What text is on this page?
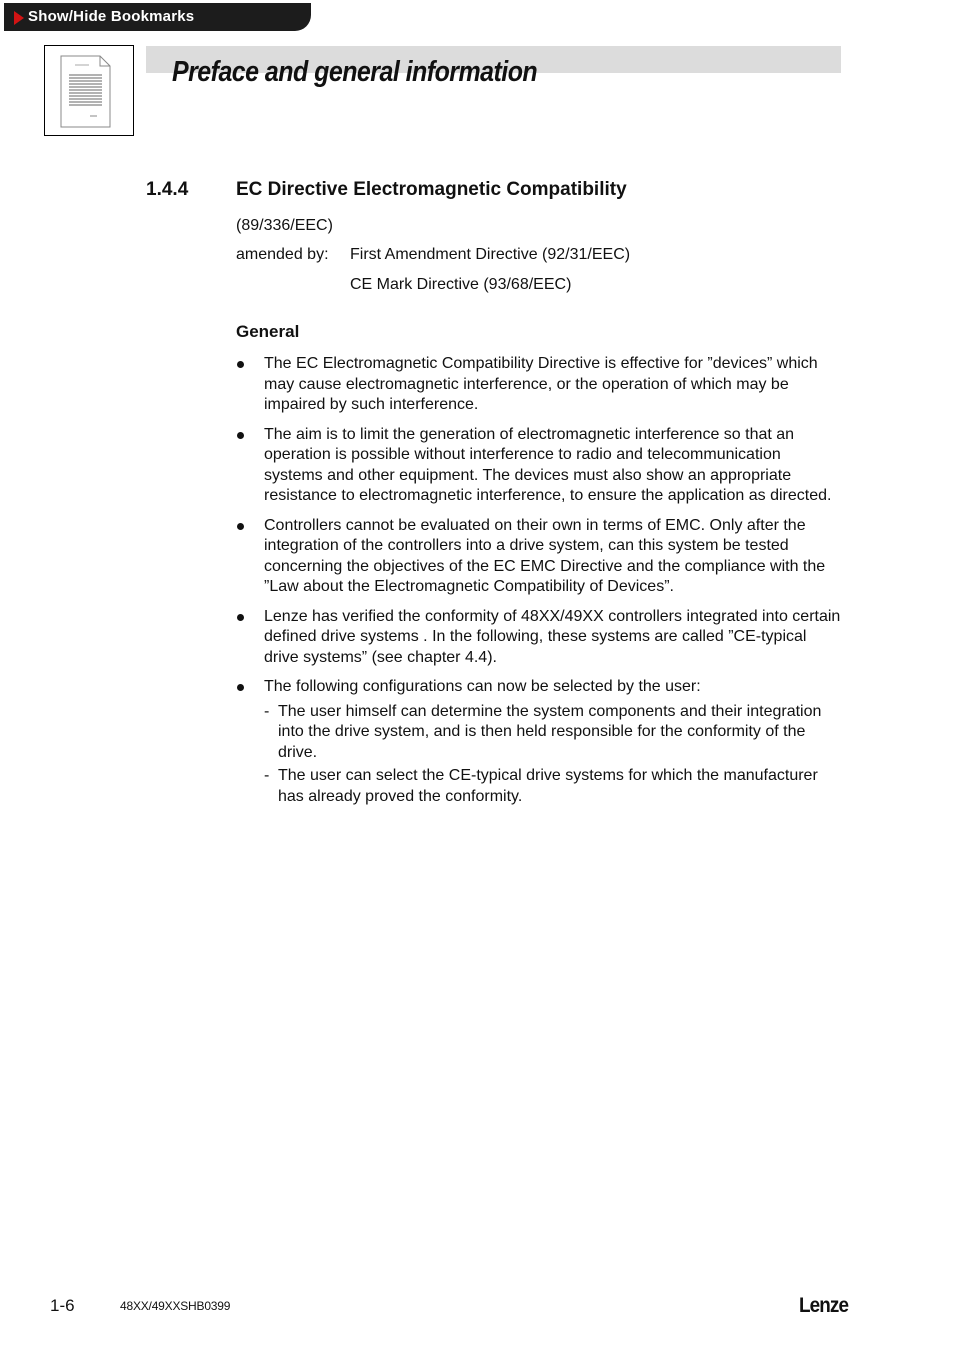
Show/Hide Bookmarks
Preface and general information
1.4.4	EC Directive Electromagnetic Compatibility
(89/336/EEC)
amended by: First Amendment Directive (92/31/EEC)
CE Mark Directive (93/68/EEC)
General
The EC Electromagnetic Compatibility Directive is effective for ”devices” which may cause electromagnetic interference, or the operation of which may be impaired by such interference.
The aim is to limit the generation of electromagnetic interference so that an operation is possible without interference to radio and telecommunication systems and other equipment. The devices must also show an appropriate resistance to electromagnetic interference, to ensure the application as directed.
Controllers cannot be evaluated on their own in terms of EMC. Only after the integration of the controllers into a drive system, can this system be tested concerning the objectives of the EC EMC Directive and the compliance with the ”Law about the Electromagnetic Compatibility of Devices”.
Lenze has verified the conformity of 48XX/49XX controllers integrated into certain defined drive systems . In the following, these systems are called ”CE-typical drive systems” (see chapter 4.4).
The following configurations can now be selected by the user:
- The user himself can determine the system components and their integration into the drive system, and is then held responsible for the conformity of the drive.
- The user can select the CE-typical drive systems for which the manufacturer has already proved the conformity.
1-6	48XX/49XXSHB0399	Lenze
